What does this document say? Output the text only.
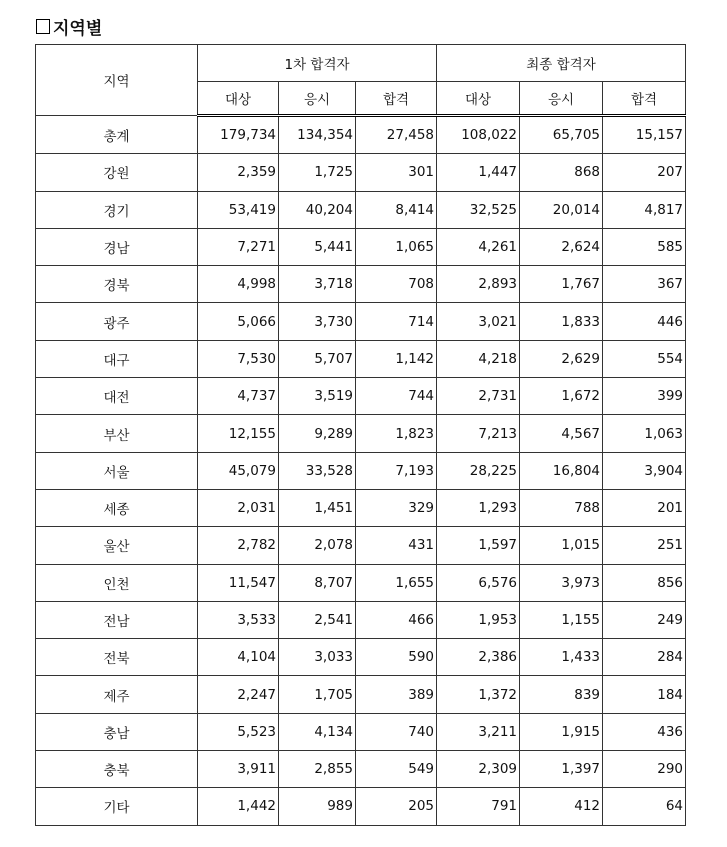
지역별
지역	1차 합격자			최종 합격자		
	대상	응시	합격	대상	응시	합격
총계	179,734	134,354	27,458	108,022	65,705	15,157
강원	2,359	1,725	301	1,447	868	207
경기	53,419	40,204	8,414	32,525	20,014	4,817
경남	7,271	5,441	1,065	4,261	2,624	585
경북	4,998	3,718	708	2,893	1,767	367
광주	5,066	3,730	714	3,021	1,833	446
대구	7,530	5,707	1,142	4,218	2,629	554
대전	4,737	3,519	744	2,731	1,672	399
부산	12,155	9,289	1,823	7,213	4,567	1,063
서울	45,079	33,528	7,193	28,225	16,804	3,904
세종	2,031	1,451	329	1,293	788	201
울산	2,782	2,078	431	1,597	1,015	251
인천	11,547	8,707	1,655	6,576	3,973	856
전남	3,533	2,541	466	1,953	1,155	249
전북	4,104	3,033	590	2,386	1,433	284
제주	2,247	1,705	389	1,372	839	184
충남	5,523	4,134	740	3,211	1,915	436
충북	3,911	2,855	549	2,309	1,397	290
기타	1,442	989	205	791	412	64
